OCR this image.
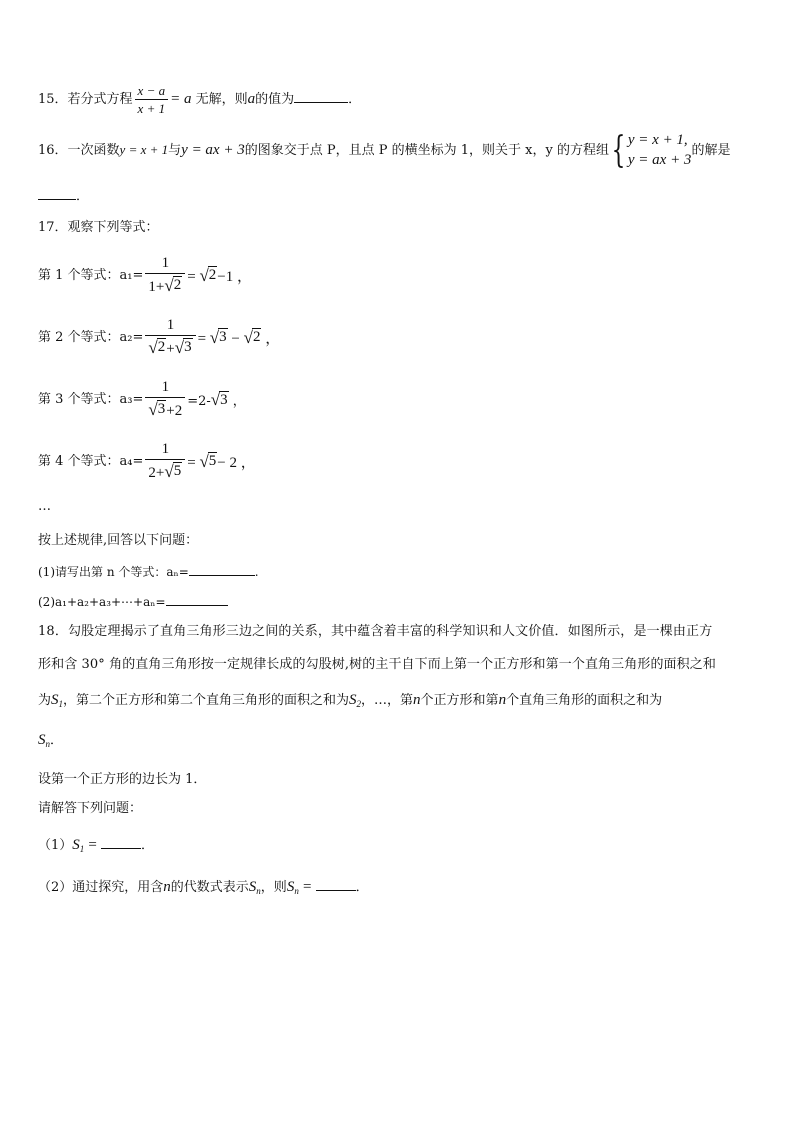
15．若分式方程 $\frac{x - a}{x + 1} = a$ 无解，则a的值为	．
16．一次函数y = x + 1与y = ax + 3的图象交于点 P，且点 P 的横坐标为 1，则关于 x，y 的方程组{ y = x + 1,
y = ax + 3
的解是
．
17．观察下列等式：
第 1 个等式：$a_1= \frac{1}{1+ √ 2}$ = √ 2 −1 ，
第 2 个等式：$a_2= \frac{1}{√ 2 + √ 3}$ = √ 3 − √ 2 ，
第 3 个等式：$a_3= \frac{1}{√ 3 +2} =2-$ √ 3 ，
第 4 个等式：$a_4= \frac{1}{2+ √ 5}$ = √ 5 − 2 ，
…
按上述规律,回答以下问题：
(1)请写出第 n 个等式：aₙ=	.
(2)a₁+a₂+a₃+⋯+aₙ=
18．勾股定理揭示了直角三角形三边之间的关系，其中蕴含着丰富的科学知识和人文价值．如图所示，是一棵由正方
形和含 30° 角的直角三角形按一定规律长成的勾股树,树的主干自下而上第一个正方形和第一个直角三角形的面积之和
为$S_1$，第二个正方形和第二个直角三角形的面积之和为$S_2$，…，第n个正方形和第n个直角三角形的面积之和为
$S_n$．
设第一个正方形的边长为 1．
请解答下列问题：
$(1)S_1$ =	．
（2）通过探究，用含n的代数式表示$S_n$，则$S_n$ =	．
